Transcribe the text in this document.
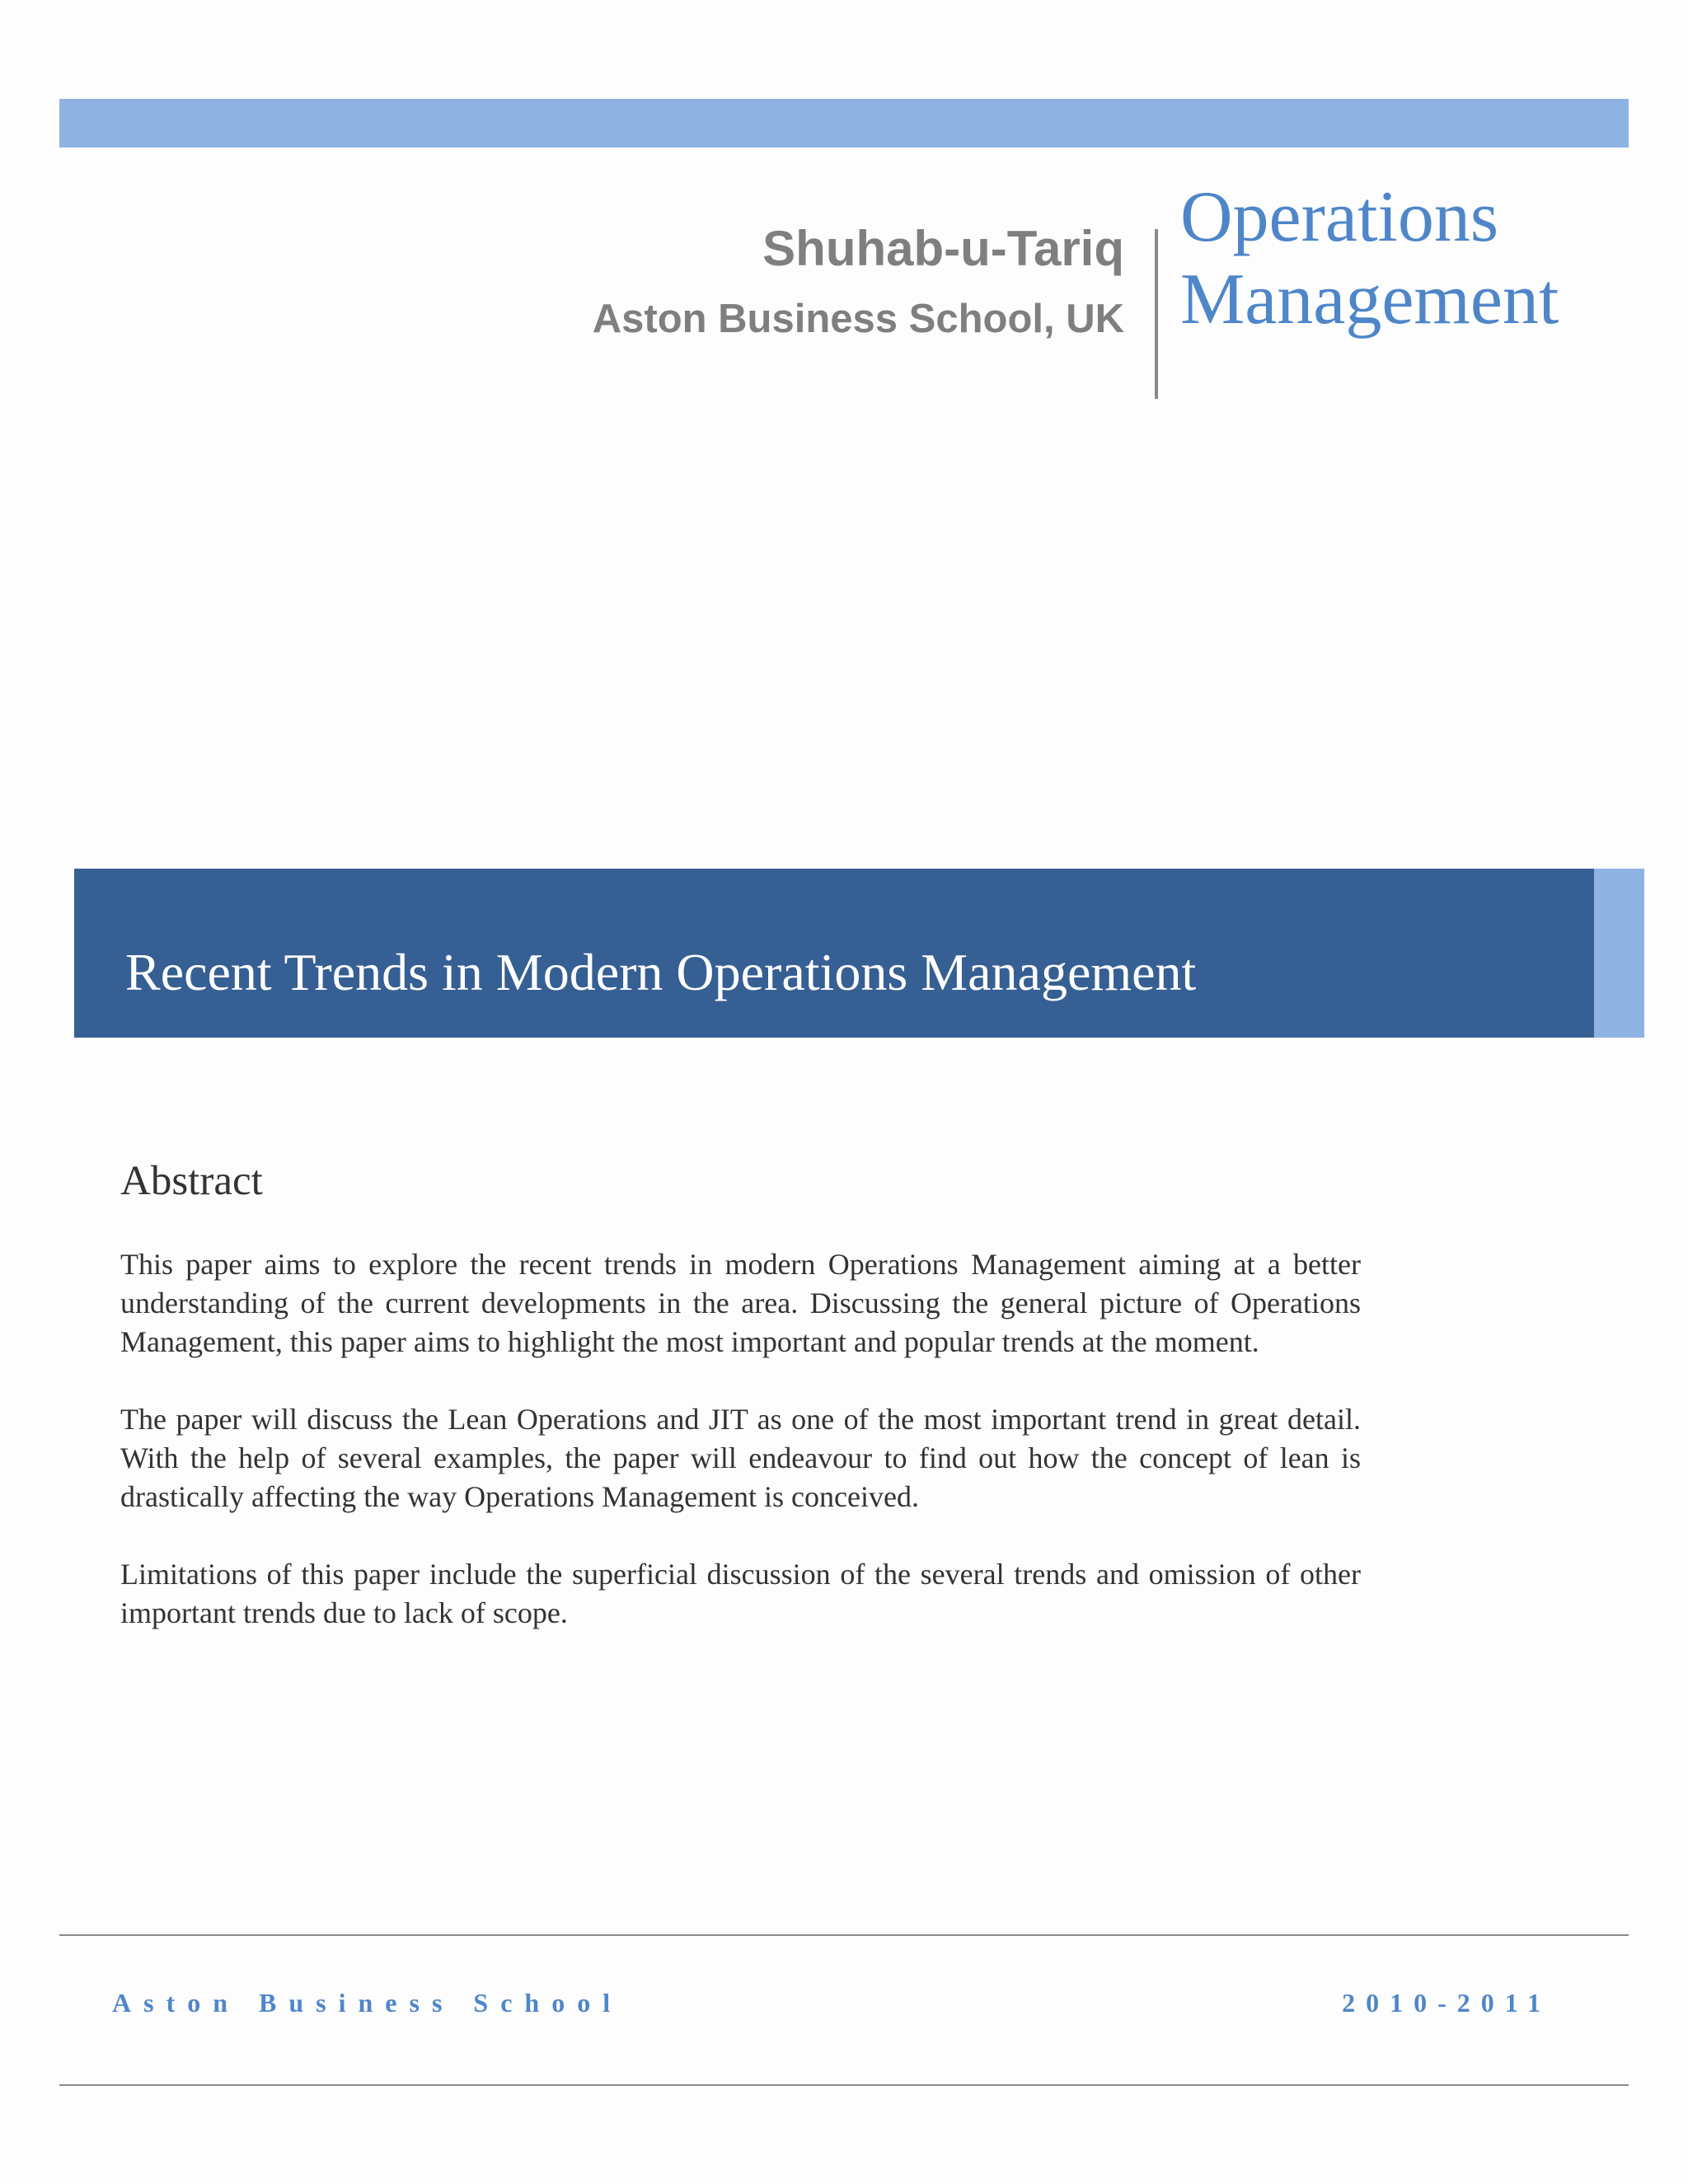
Shuhab-u-Tariq
Aston Business School, UK
Operations
Management
Recent Trends in Modern Operations Management
Abstract

This paper aims to explore the recent trends in modern Operations Management aiming at a better understanding of the current developments in the area. Discussing the general picture of Operations Management, this paper aims to highlight the most important and popular trends at the moment.

The paper will discuss the Lean Operations and JIT as one of the most important trend in great detail. With the help of several examples, the paper will endeavour to find out how the concept of lean is drastically affecting the way Operations Management is conceived.

Limitations of this paper include the superficial discussion of the several trends and omission of other important trends due to lack of scope.

Aston Business School	2010-2011
